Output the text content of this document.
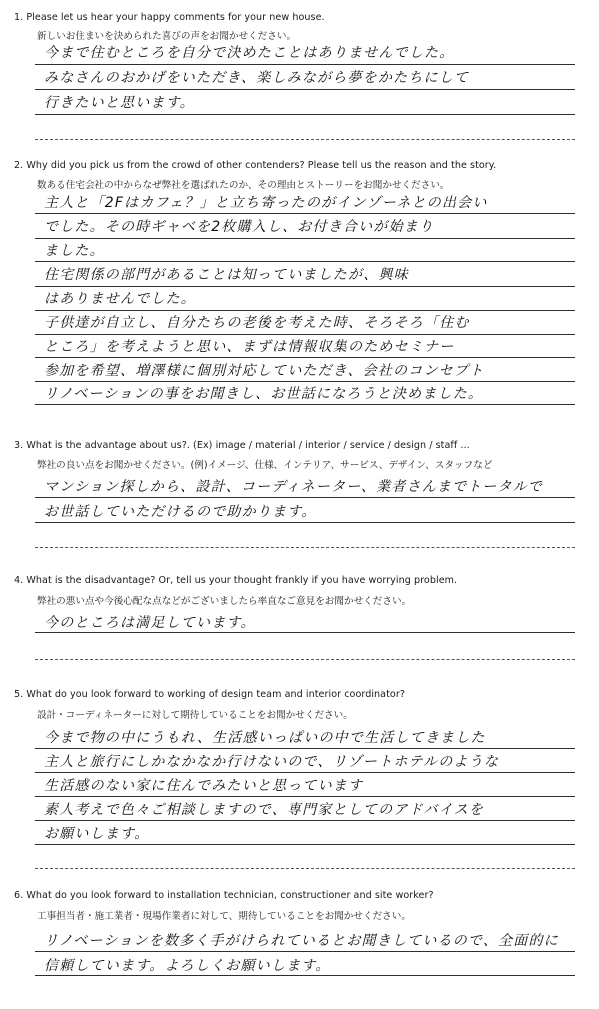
1. Please let us hear your happy comments for your new house.
新しいお住まいを決められた喜びの声をお聞かせください。
今まで住むところを自分で決めたことはありませんでした。
みなさんのおかげをいただき、楽しみながら夢をかたちにして
行きたいと思います。
2. Why did you pick us from the crowd of other contenders? Please tell us the reason and the story.
数ある住宅会社の中からなぜ弊社を選ばれたのか、その理由とストーリーをお聞かせください。
主人と「2Fはカフェ？」と立ち寄ったのがインゾーネとの出会い
でした。その時ギャベを2枚購入し、お付き合いが始まり
ました。
住宅関係の部門があることは知っていましたが、興味
はありませんでした。
子供達が自立し、自分たちの老後を考えた時、そろそろ「住む
ところ」を考えようと思い、まずは情報収集のためセミナー
参加を希望、増澤様に個別対応していただき、会社のコンセプト
リノベーションの事をお聞きし、お世話になろうと決めました。
3. What is the advantage about us?. (Ex) image / material / interior / service / design / staff ...
弊社の良い点をお聞かせください。(例)イメージ、仕様、インテリア、サービス、デザイン、スタッフなど
マンション探しから、設計、コーディネーター、業者さんまでトータルで
お世話していただけるので助かります。
4. What is the disadvantage? Or, tell us your thought frankly if you have worrying problem.
弊社の悪い点や今後心配な点などがございましたら率直なご意見をお聞かせください。
今のところは満足しています。
5. What do you look forward to working of design team and interior coordinator?
設計・コーディネーターに対して期待していることをお聞かせください。
今まで物の中にうもれ、生活感いっぱいの中で生活してきました
主人と旅行にしかなかなか行けないので、リゾートホテルのような
生活感のない家に住んでみたいと思っています
素人考えで色々ご相談しますので、専門家としてのアドバイスを
お願いします。
6. What do you look forward to installation technician, constructioner and site worker?
工事担当者・施工業者・現場作業者に対して、期待していることをお聞かせください。
リノベーションを数多く手がけられているとお聞きしているので、全面的に
信頼しています。よろしくお願いします。
